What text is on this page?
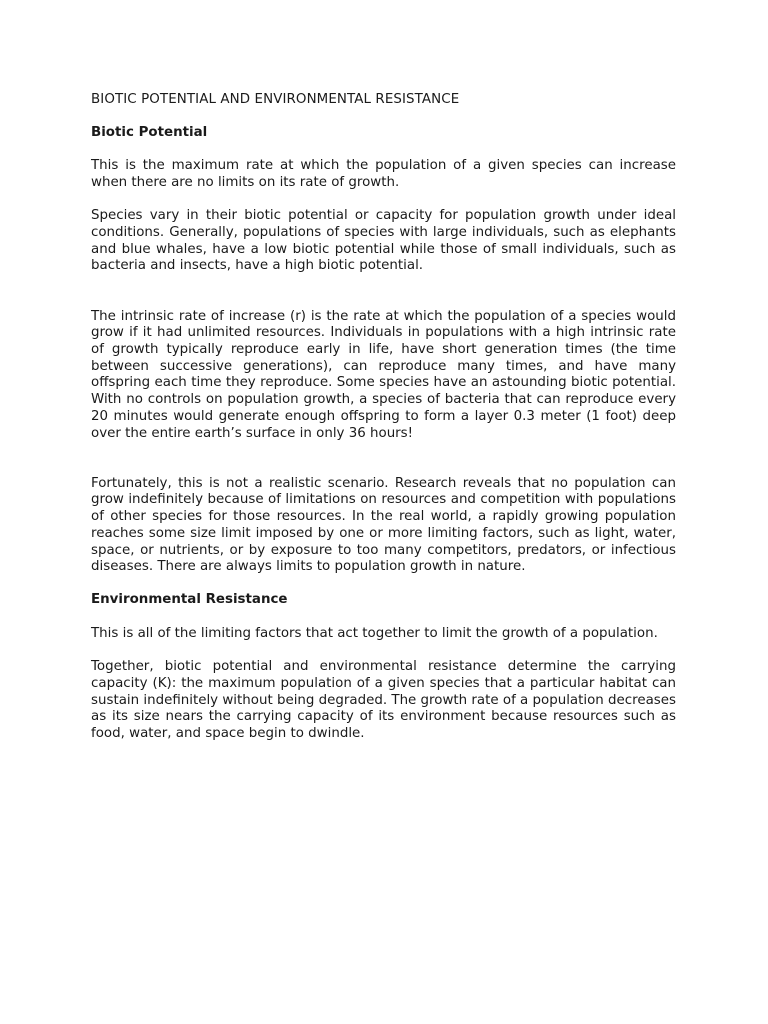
BIOTIC POTENTIAL AND ENVIRONMENTAL RESISTANCE
Biotic Potential

This is the maximum rate at which the population of a given species can increase when there are no limits on its rate of growth.

Species vary in their biotic potential or capacity for population growth under ideal conditions. Generally, populations of species with large individuals, such as elephants and blue whales, have a low biotic potential while those of small individuals, such as bacteria and insects, have a high biotic potential.

The intrinsic rate of increase (r) is the rate at which the population of a species would grow if it had unlimited resources. Individuals in populations with a high intrinsic rate of growth typically reproduce early in life, have short generation times (the time between successive generations), can reproduce many times, and have many offspring each time they reproduce. Some species have an astounding biotic potential. With no controls on population growth, a species of bacteria that can reproduce every 20 minutes would generate enough offspring to form a layer 0.3 meter (1 foot) deep over the entire earth’s surface in only 36 hours!

Fortunately, this is not a realistic scenario. Research reveals that no population can grow indefinitely because of limitations on resources and competition with populations of other species for those resources. In the real world, a rapidly growing population reaches some size limit imposed by one or more limiting factors, such as light, water, space, or nutrients, or by exposure to too many competitors, predators, or infectious diseases. There are always limits to population growth in nature.

Environmental Resistance

This is all of the limiting factors that act together to limit the growth of a population.

Together, biotic potential and environmental resistance determine the carrying capacity (K): the maximum population of a given species that a particular habitat can sustain indefinitely without being degraded. The growth rate of a population decreases as its size nears the carrying capacity of its environment because resources such as food, water, and space begin to dwindle.
